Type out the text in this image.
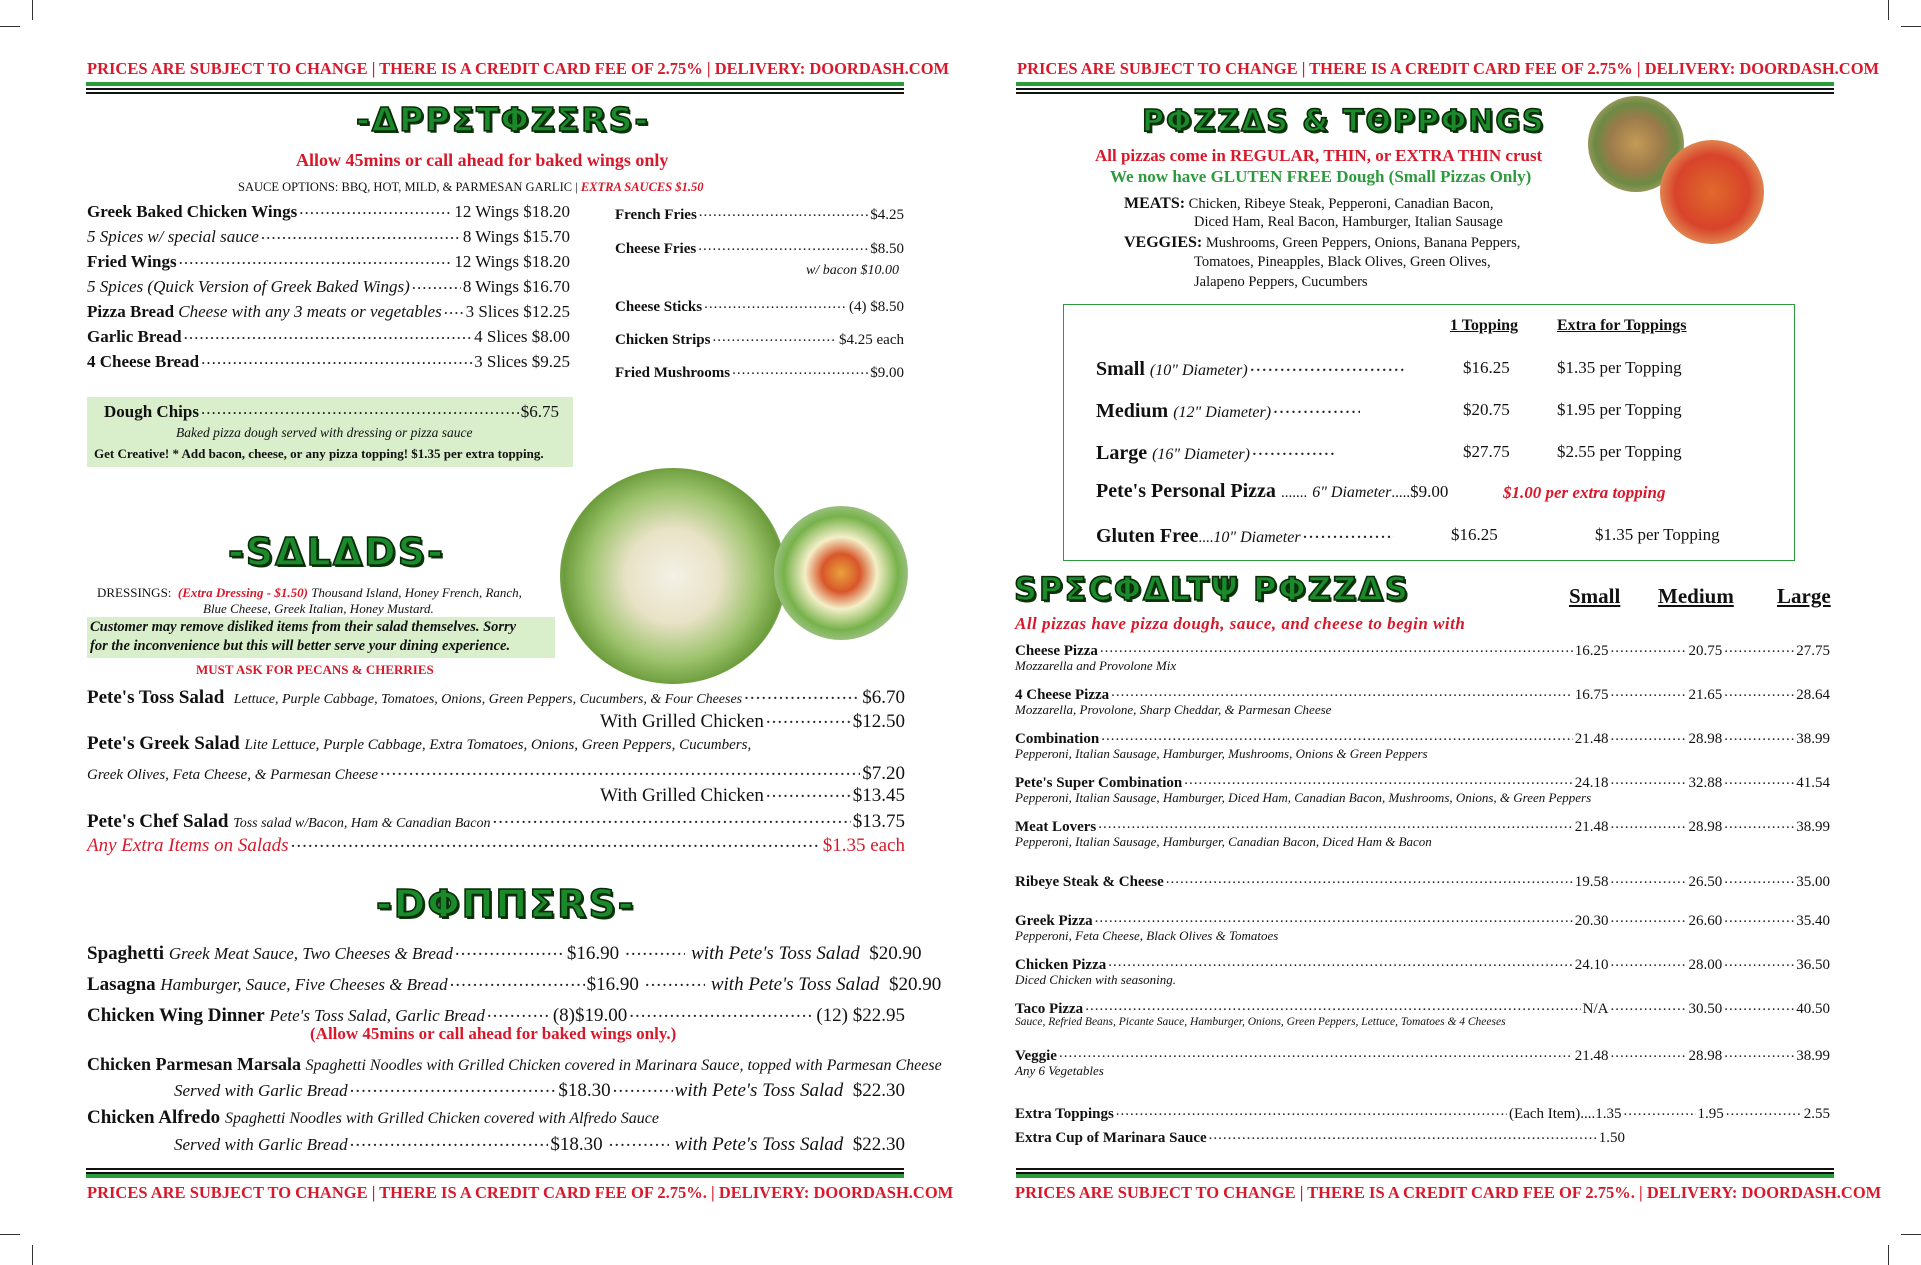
PRICES ARE SUBJECT TO CHANGE | THERE IS A CREDIT CARD FEE OF 2.75% | DELIVERY: DOORDASH.COM
-ΔΡΡΣΤΦΖΣRS-
Allow 45mins or call ahead for baked wings only
SAUCE OPTIONS: BBQ, HOT, MILD, & PARMESAN GARLIC | EXTRA SAUCES $1.50
Greek Baked Chicken Wings .....	12 Wings $18.20
5 Spices w/ special sauce .....	8 Wings $15.70
Fried Wings .....	12 Wings $18.20
5 Spices (Quick Version of Greek Baked Wings) .....	8 Wings $16.70
Pizza Bread
Cheese with any 3 meats or vegetables ..... 3 Slices $12.25
Garlic Bread .....	4 Slices $8.00
4 Cheese Bread .....	3 Slices $9.25
French Fries .....	$4.25
Cheese Fries .....	$8.50
w/ bacon $10.00
Cheese Sticks .....	(4) $8.50
Chicken Strips .....	$4.25 each
Fried Mushrooms .....	$9.00
Dough Chips .....	$6.75
Baked pizza dough served with dressing or pizza sauce
Get Creative! * Add bacon, cheese, or any pizza topping! $1.35 per extra topping.
-SΔLΔDS-
DRESSINGS: (Extra Dressing - $1.50) Thousand Island, Honey French, Ranch,
Blue Cheese, Greek Italian, Honey Mustard.
Customer may remove disliked items from their salad themselves. Sorry
for the inconvenience but this will better serve your dining experience.
MUST ASK FOR PECANS & CHERRIES
Pete's Toss Salad
Lettuce, Purple Cabbage, Tomatoes, Onions, Green Peppers, Cucumbers, & Four Cheeses .....	$6.70
With Grilled Chicken .....	$12.50
Pete's Greek Salad
Lite Lettuce, Purple Cabbage, Extra Tomatoes, Onions, Green Peppers, Cucumbers,
Greek Olives, Feta Cheese, & Parmesan Cheese .....	$7.20
With Grilled Chicken .....	$13.45
Pete's Chef Salad
Toss salad w/Bacon, Ham & Canadian Bacon .....	$13.75
Any Extra Items on Salads .....	$1.35 each
-DΦΠΠΣRS-
Spaghetti
Greek Meat Sauce, Two Cheeses & Bread .....	$16.90 .....	with Pete's Toss Salad
$20.90
Lasagna
Hamburger, Sauce, Five Cheeses & Bread .....	$16.90 .....	with Pete's Toss Salad
$20.90
Chicken Wing Dinner
Pete's Toss Salad, Garlic Bread .....	(8)$19.00 .....	(12) $22.95
(Allow 45mins or call ahead for baked wings only.)
Chicken Parmesan Marsala
Spaghetti Noodles with Grilled Chicken covered in Marinara Sauce, topped with Parmesan Cheese
Served with Garlic Bread .....	$18.30 .....	with Pete's Toss Salad
$22.30
Chicken Alfredo
Spaghetti Noodles with Grilled Chicken covered with Alfredo Sauce
Served with Garlic Bread .....	$18.30 .....	with Pete's Toss Salad
$22.30
PRICES ARE SUBJECT TO CHANGE | THERE IS A CREDIT CARD FEE OF 2.75%. | DELIVERY: DOORDASH.COM
PRICES ARE SUBJECT TO CHANGE | THERE IS A CREDIT CARD FEE OF 2.75% | DELIVERY: DOORDASH.COM
PΦZZΔS & TΘPPΦNGS
All pizzas come in REGULAR, THIN, or EXTRA THIN crust
We now have GLUTEN FREE Dough (Small Pizzas Only)
MEATS: Chicken, Ribeye Steak, Pepperoni, Canadian Bacon,
Diced Ham, Real Bacon, Hamburger, Italian Sausage
VEGGIES: Mushrooms, Green Peppers, Onions, Banana Peppers,
Tomatoes, Pineapples, Black Olives, Green Olives,
Jalapeno Peppers, Cucumbers
1 Topping Extra for Toppings
Small
(10" Diameter) .....	$16.25	$1.35 per Topping
Medium
(12" Diameter) .....	$20.75	$1.95 per Topping
Large
(16" Diameter) .....	$27.75	$2.55 per Topping
Pete's Personal Pizza
.......
6" Diameter ..... $9.00	$1.00 per extra topping
Gluten Free .... 10" Diameter .....	$16.25	$1.35 per Topping
SPΣCΦΔLTΨ PΦZZΔS	Small Medium Large
All pizzas have pizza dough, sauce, and cheese to begin with
Cheese Pizza .....	16.25 .....	20.75 .....	27.75
Mozzarella and Provolone Mix
4 Cheese Pizza .....	16.75 .....	21.65 .....	28.64
Mozzarella, Provolone, Sharp Cheddar, & Parmesan Cheese
Combination .....	21.48 .....	28.98 .....	38.99
Pepperoni, Italian Sausage, Hamburger, Mushrooms, Onions & Green Peppers
Pete's Super Combination .....	24.18 .....	32.88 .....	41.54
Pepperoni, Italian Sausage, Hamburger, Diced Ham, Canadian Bacon, Mushrooms, Onions, & Green Peppers
Meat Lovers .....	21.48 .....	28.98 .....	38.99
Pepperoni, Italian Sausage, Hamburger, Canadian Bacon, Diced Ham & Bacon
Ribeye Steak & Cheese .....	19.58 .....	26.50 .....	35.00
Greek Pizza .....	20.30 .....	26.60 .....	35.40
Pepperoni, Feta Cheese, Black Olives & Tomatoes
Chicken Pizza .....	24.10 .....	28.00 .....	36.50
Diced Chicken with seasoning.
Taco Pizza .....	N/A .....	30.50 .....	40.50
Sauce, Refried Beans, Picante Sauce, Hamburger, Onions, Green Peppers, Lettuce, Tomatoes & 4 Cheeses
Veggie .....	21.48 .....	28.98 .....	38.99
Any 6 Vegetables
Extra Toppings .....	(Each Item) .... 1.35 .....	1.95 .....	2.55
Extra Cup of Marinara Sauce .....	1.50
PRICES ARE SUBJECT TO CHANGE | THERE IS A CREDIT CARD FEE OF 2.75%. | DELIVERY: DOORDASH.COM
